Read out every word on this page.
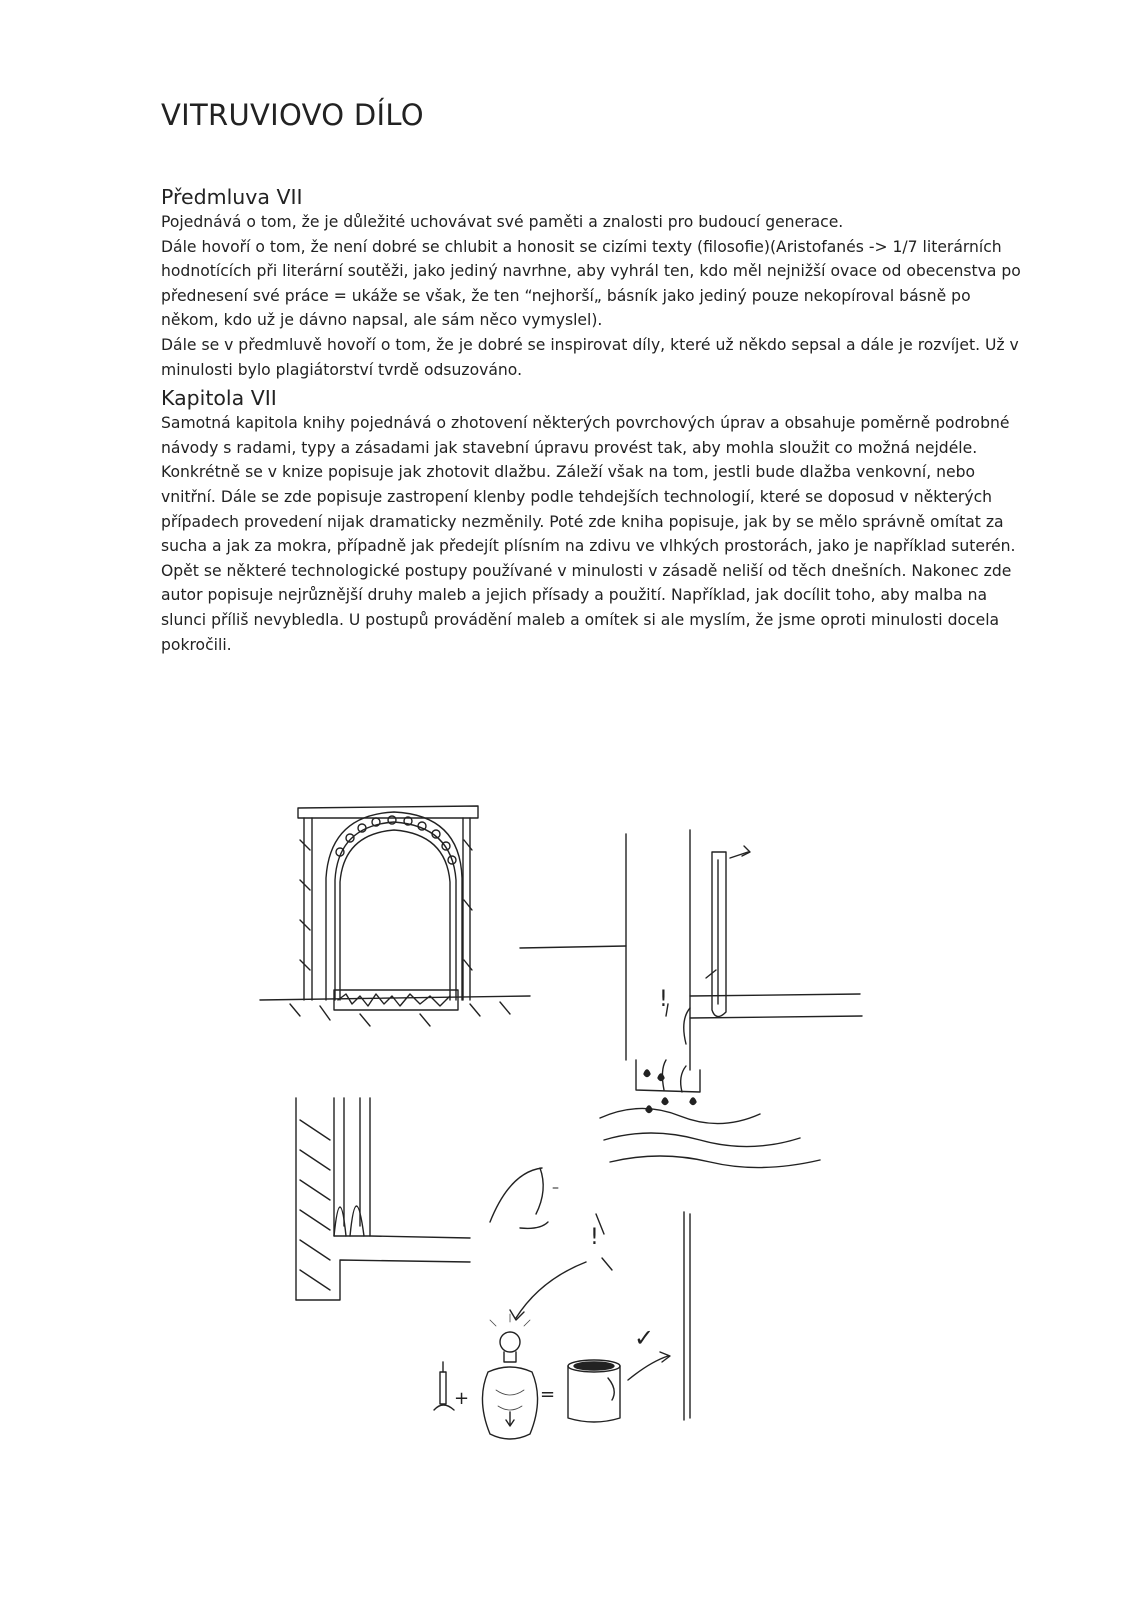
VITRUVIOVO DÍLO
Předmluva VII

Pojednává o tom, že je důležité uchovávat své paměti a znalosti pro budoucí generace.

Dále hovoří o tom, že není dobré se chlubit a honosit se cizími texty (filosofie)(Aristofanés -> 1/7 literárních hodnotících při literární soutěži, jako jediný navrhne, aby vyhrál ten, kdo měl nejnižší ovace od obecenstva po přednesení své práce = ukáže se však, že ten “nejhorší„ básník jako jediný pouze nekopíroval básně po někom, kdo už je dávno napsal, ale sám něco vymyslel).

Dále se v předmluvě hovoří o tom, že je dobré se inspirovat díly, které už někdo sepsal a dále je rozvíjet. Už v minulosti bylo plagiátorství tvrdě odsuzováno.

Kapitola VII

Samotná kapitola knihy pojednává o zhotovení některých povrchových úprav a obsahuje poměrně podrobné návody s radami, typy a zásadami jak stavební úpravu provést tak, aby mohla sloužit co možná nejdéle.

Konkrétně se v knize popisuje jak zhotovit dlažbu. Záleží však na tom, jestli bude dlažba venkovní, nebo vnitřní. Dále se zde popisuje zastropení klenby podle tehdejších technologií, které se doposud v některých případech provedení nijak dramaticky nezměnily. Poté zde kniha popisuje, jak by se mělo správně omítat za sucha a jak za mokra, případně jak předejít plísním na zdivu ve vlhkých prostorách, jako je například suterén. Opět se některé technologické postupy používané v minulosti v zásadě neliší od těch dnešních. Nakonec zde autor popisuje nejrůznější druhy maleb a jejich přísady a použití. Například, jak docílit toho, aby malba na slunci příliš nevybledla. U postupů provádění maleb a omítek si ale myslím, že jsme oproti minulosti docela pokročili.

!
–
!
+	=
✓
